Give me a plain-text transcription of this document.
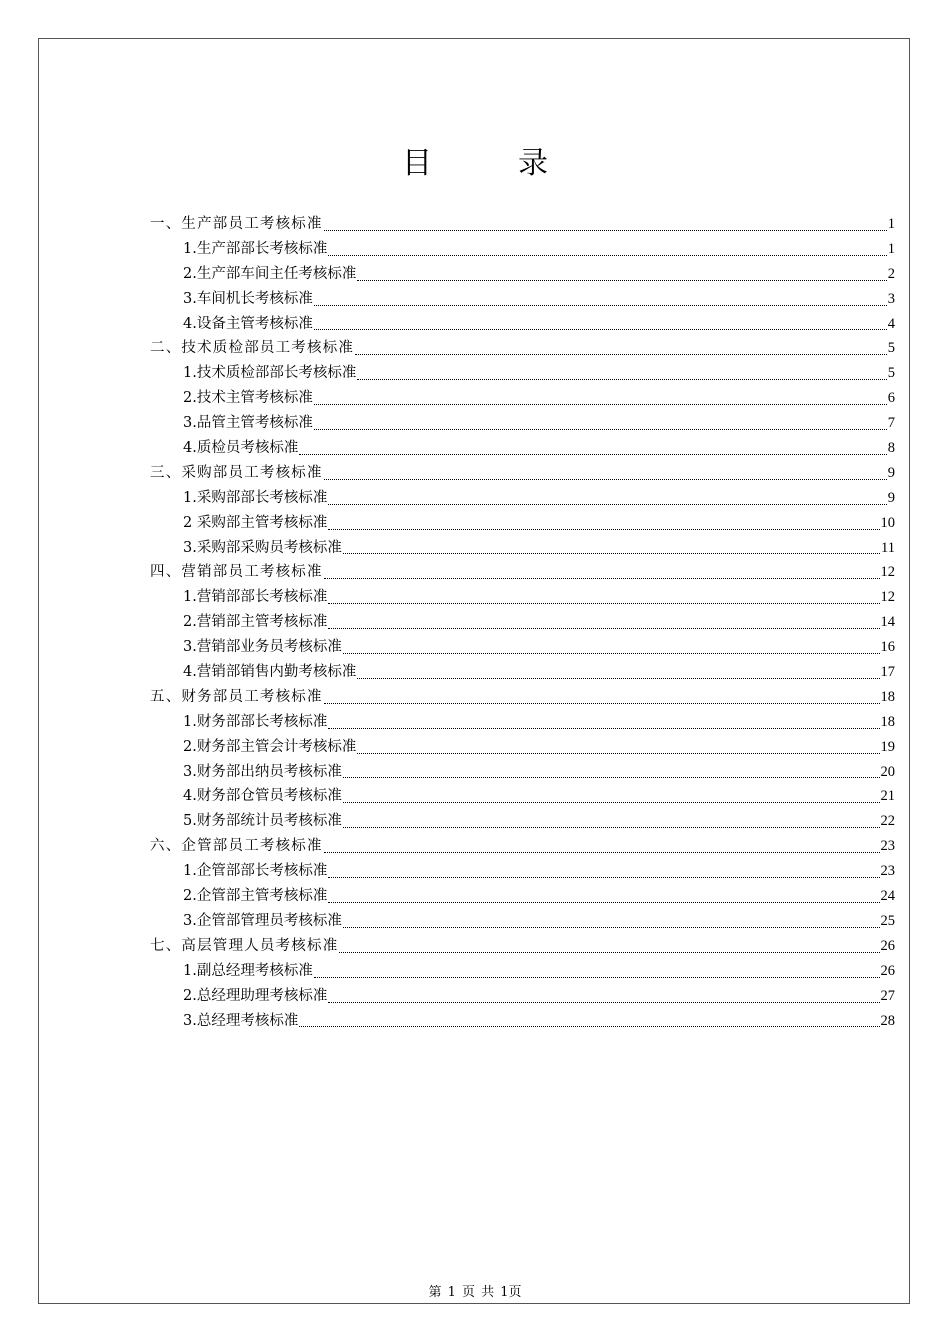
目　录
一、生产部员工考核标准	1
1.生产部部长考核标准	1
2.生产部车间主任考核标准	2
3.车间机长考核标准	3
4.设备主管考核标准	4
二、技术质检部员工考核标准	5
1.技术质检部部长考核标准	5
2.技术主管考核标准	6
3.品管主管考核标准	7
4.质检员考核标准	8
三、采购部员工考核标准	9
1.采购部部长考核标准	9
2 采购部主管考核标准	10
3.采购部采购员考核标准	11
四、营销部员工考核标准	12
1.营销部部长考核标准	12
2.营销部主管考核标准	14
3.营销部业务员考核标准	16
4.营销部销售内勤考核标准	17
五、财务部员工考核标准	18
1.财务部部长考核标准	18
2.财务部主管会计考核标准	19
3.财务部出纳员考核标准	20
4.财务部仓管员考核标准	21
5.财务部统计员考核标准	22
六、企管部员工考核标准	23
1.企管部部长考核标准	23
2.企管部主管考核标准	24
3.企管部管理员考核标准	25
七、高层管理人员考核标准	26
1.副总经理考核标准	26
2.总经理助理考核标准	27
3.总经理考核标准	28
第 1 页 共 1页
